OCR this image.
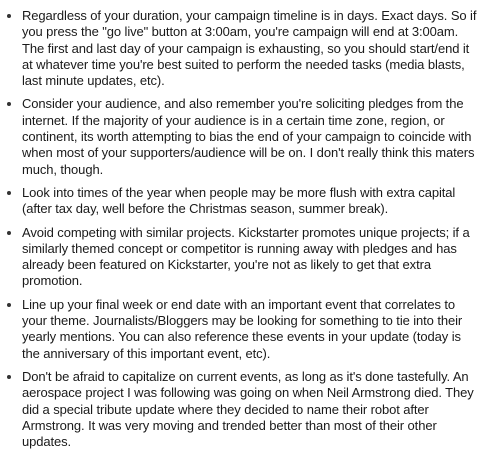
Regardless of your duration, your campaign timeline is in days. Exact days. So if you press the "go live" button at 3:00am, you're campaign will end at 3:00am. The first and last day of your campaign is exhausting, so you should start/end it at whatever time you're best suited to perform the needed tasks (media blasts, last minute updates, etc).
Consider your audience, and also remember you're soliciting pledges from the internet. If the majority of your audience is in a certain time zone, region, or continent, its worth attempting to bias the end of your campaign to coincide with when most of your supporters/audience will be on. I don't really think this maters much, though.
Look into times of the year when people may be more flush with extra capital (after tax day, well before the Christmas season, summer break).
Avoid competing with similar projects. Kickstarter promotes unique projects; if a similarly themed concept or competitor is running away with pledges and has already been featured on Kickstarter, you're not as likely to get that extra promotion.
Line up your final week or end date with an important event that correlates to your theme. Journalists/Bloggers may be looking for something to tie into their yearly mentions. You can also reference these events in your update (today is the anniversary of this important event, etc).
Don't be afraid to capitalize on current events, as long as it's done tastefully. An aerospace project I was following was going on when Neil Armstrong died. They did a special tribute update where they decided to name their robot after Armstrong. It was very moving and trended better than most of their other updates.
